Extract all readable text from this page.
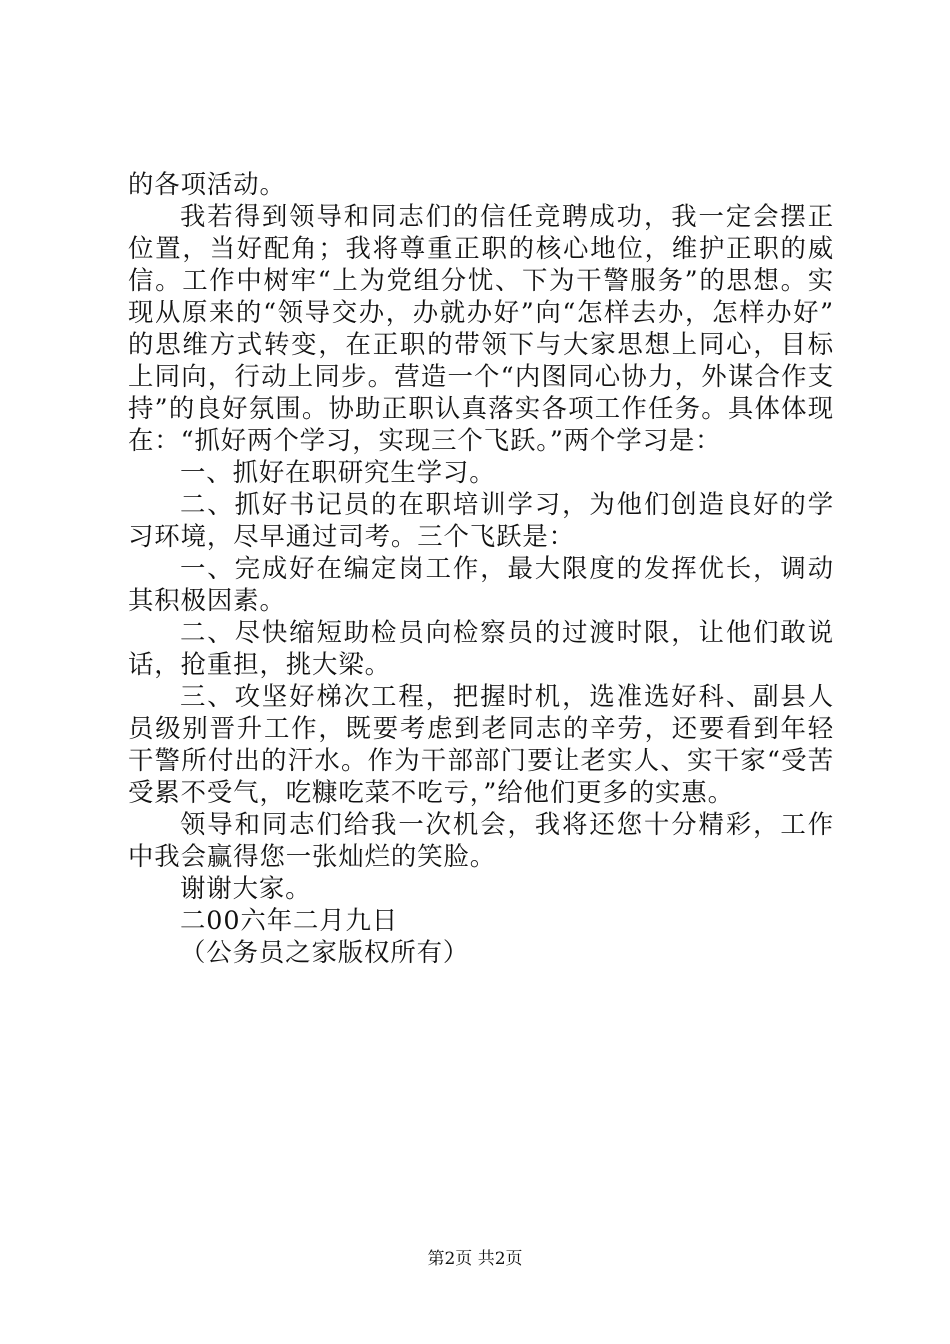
的各项活动。

我若得到领导和同志们的信任竞聘成功，我一定会摆正位置，当好配角；我将尊重正职的核心地位，维护正职的威信。工作中树牢“上为党组分忧、下为干警服务”的思想。实现从原来的“领导交办，办就办好”向“怎样去办，怎样办好”的思维方式转变，在正职的带领下与大家思想上同心，目标上同向，行动上同步。营造一个“内图同心协力，外谋合作支持”的良好氛围。协助正职认真落实各项工作任务。具体体现在：“抓好两个学习，实现三个飞跃。”两个学习是：

一、抓好在职研究生学习。

二、抓好书记员的在职培训学习，为他们创造良好的学习环境，尽早通过司考。三个飞跃是：

一、完成好在编定岗工作，最大限度的发挥优长，调动其积极因素。

二、尽快缩短助检员向检察员的过渡时限，让他们敢说话，抢重担，挑大梁。

三、攻坚好梯次工程，把握时机，选准选好科、副县人员级别晋升工作，既要考虑到老同志的辛劳，还要看到年轻干警所付出的汗水。作为干部部门要让老实人、实干家“受苦受累不受气，吃糠吃菜不吃亏，”给他们更多的实惠。

领导和同志们给我一次机会，我将还您十分精彩，工作中我会赢得您一张灿烂的笑脸。

谢谢大家。

二00六年二月九日

（公务员之家版权所有）

第2页 共2页
